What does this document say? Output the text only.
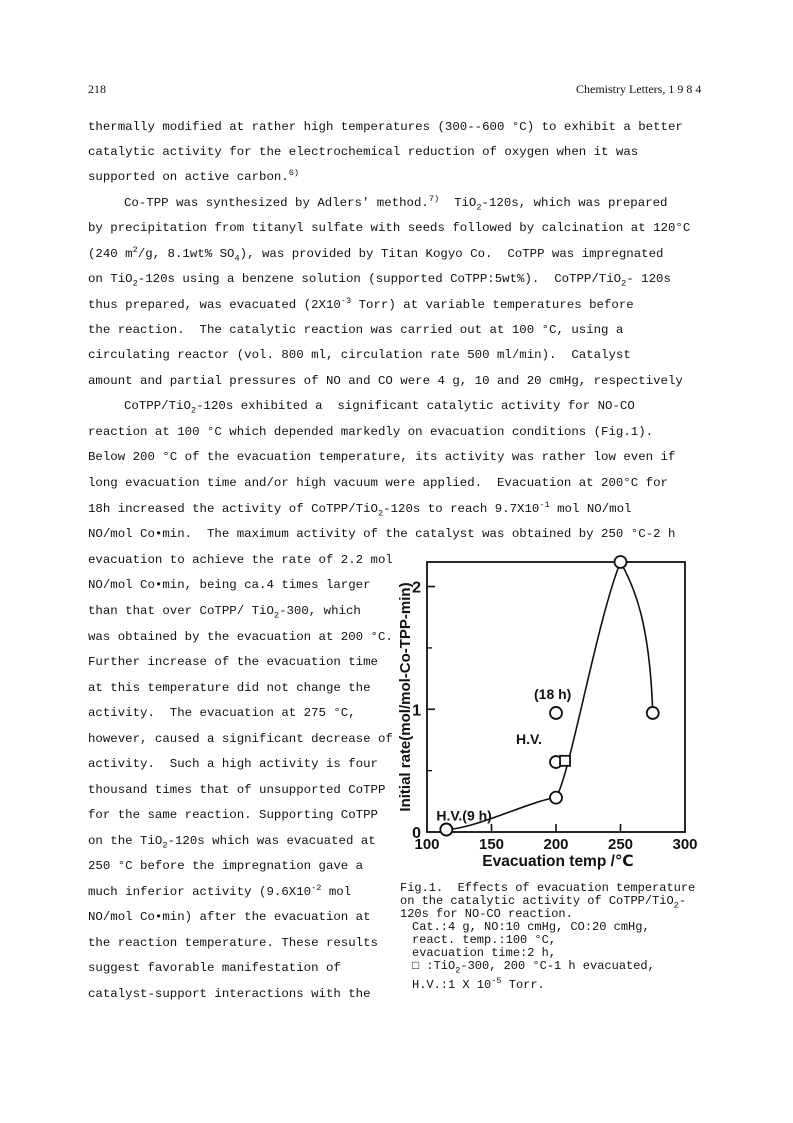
218	Chemistry Letters, 1 9 8 4
thermally modified at rather high temperatures (300--600 °C) to exhibit a better
catalytic activity for the electrochemical reduction of oxygen when it was
supported on active carbon.$^{6)}$
Co-TPP was synthesized by Adlers' method.$^{7)}$ TiO$_2$-120s, which was prepared
by precipitation from titanyl sulfate with seeds followed by calcination at 120°C
(240 $m^2/g$, 8.1wt% $SO_4$), was provided by Titan Kogyo Co.  CoTPP was impregnated
on TiO$_2$-120s using a benzene solution (supported CoTPP:5wt%).  CoTPP/TiO$_2$- 120s
thus prepared, was evacuated ($2X10^{-3}$ Torr) at variable temperatures before
the reaction.  The catalytic reaction was carried out at 100 °C, using a
circulating reactor (vol. 800 ml, circulation rate 500 ml/min).  Catalyst
amount and partial pressures of NO and CO were 4 g, 10 and 20 cmHg, respectively
CoTPP/TiO$_2$-120s exhibited a  significant catalytic activity for NO-CO
reaction at 100 °C which depended markedly on evacuation conditions (Fig.1).
Below 200 °C of the evacuation temperature, its activity was rather low even if
long evacuation time and/or high vacuum were applied.  Evacuation at 200°C for
18h increased the activity of CoTPP/TiO$_2$-120s to reach $9.7X10^{-1}$ mol NO/mol
NO/mol Co•min.  The maximum activity of the catalyst was obtained by 250 °C-2 h
evacuation to achieve the rate of 2.2 mol
NO/mol Co•min, being ca.4 times larger
than that over CoTPP/ TiO$_2$-300, which
was obtained by the evacuation at 200 °C.
Further increase of the evacuation time
at this temperature did not change the
activity.  The evacuation at 275 °C,
however, caused a significant decrease of
activity.  Such a high activity is four
thousand times that of unsupported CoTPP
for the same reaction. Supporting CoTPP
on the TiO$_2$-120s which was evacuated at
250 °C before the impregnation gave a
much inferior activity ($9.6X10^{-2}$ mol
NO/mol Co•min) after the evacuation at
the reaction temperature. These results
suggest favorable manifestation of
catalyst-support interactions with the
100	150	200	250	300
0
1
2
(18 h)
H.V.
H.V.(9 h)
Initial rate(mol/mol-Co-TPP-min)
Evacuation temp /℃
Fig.1.  Effects of evacuation temperature
on the catalytic activity of CoTPP/TiO$_2$-
120s for NO-CO reaction.
Cat.:4 g, NO:10 cmHg, CO:20 cmHg,
react. temp.:100 °C,
evacuation time:2 h,
□ :TiO$_2$-300, 200 °C-1 h evacuated,
H.V.:1 X $10^{-5}$ Torr.
